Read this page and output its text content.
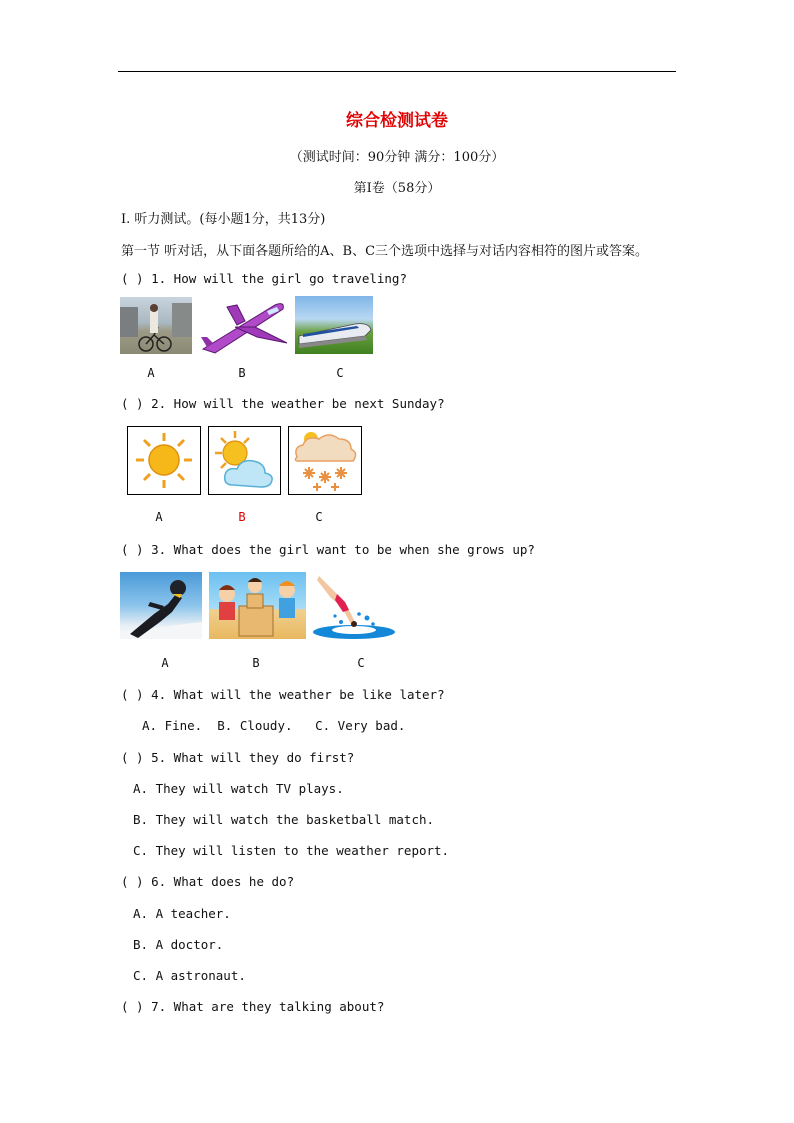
综合检测试卷
（测试时间：90分钟 满分：100分）
第Ⅰ卷（58分）
Ⅰ. 听力测试。(每小题1分，共13分)
第一节 听对话，从下面各题所给的A、B、C三个选项中选择与对话内容相符的图片或答案。
( ) 1. How will the girl go traveling?
A	B	C
( ) 2. How will the weather be next Sunday?
A	B	C
( ) 3. What does the girl want to be when she grows up?
A	B	C
( ) 4. What will the weather be like later?
A. Fine.  B. Cloudy.   C. Very bad.
( ) 5. What will they do first?
A. They will watch TV plays.
B. They will watch the basketball match.
C. They will listen to the weather report.
( ) 6. What does he do?
A. A teacher.
B. A doctor.
C. A astronaut.
( ) 7. What are they talking about?
